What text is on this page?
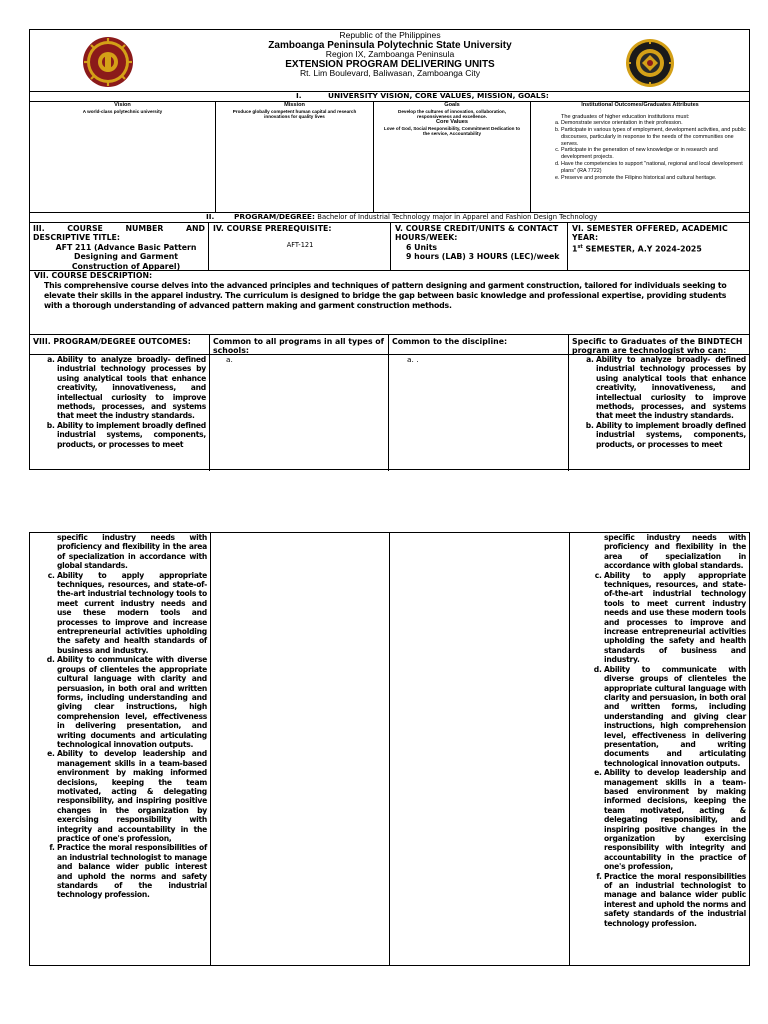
Republic of the Philippines
Zamboanga Peninsula Polytechnic State University
Region IX, Zamboanga Peninsula
EXTENSION PROGRAM DELIVERING UNITS
Rt. Lim Boulevard, Baliwasan, Zamboanga City
I.	UNIVERSITY VISION, CORE VALUES, MISSION, GOALS:
Vision
A world-class polytechnic university
Mission
Produce globally competent human capital and research innovations for quality lives
Goals
Develop the cultures of innovation, collaboration, responsiveness and excellence.
Core Values
Love of God, Social Responsibility, Commitment Dedication to the service, Accountability
Institutional Outcomes/Graduates Attributes
The graduates of higher education institutions must:
a. Demonstrate service orientation in their profession.
b. Participate in various types of employment, development activities, and public discourses, particularly in response to the needs of the communities one serves.
c. Participate in the generation of new knowledge or in research and development projects.
d. Have the competencies to support "national, regional and local development plans" (RA 7722)
e. Preserve and promote the Filipino historical and cultural heritage.
II.	PROGRAM/DEGREE: Bachelor of Industrial Technology major in Apparel and Fashion Design Technology
III. COURSE NUMBER AND DESCRIPTIVE TITLE:
AFT 211 (Advance Basic Pattern Designing and Garment Construction of Apparel)
IV. COURSE PREREQUISITE:
AFT-121
V. COURSE CREDIT/UNITS & CONTACT HOURS/WEEK:
6 Units
9 hours (LAB) 3 HOURS (LEC)/week
VI. SEMESTER OFFERED, ACADEMIC YEAR:
1st SEMESTER, A.Y 2024-2025
VII. COURSE DESCRIPTION:
This comprehensive course delves into the advanced principles and techniques of pattern designing and garment construction, tailored for individuals seeking to elevate their skills in the apparel industry. The curriculum is designed to bridge the gap between basic knowledge and professional expertise, providing students with a thorough understanding of advanced pattern making and garment construction methods.
VIII. PROGRAM/DEGREE OUTCOMES:
a. Ability to analyze broadly- defined industrial technology processes by using analytical tools that enhance creativity, innovativeness, and intellectual curiosity to improve methods, processes, and systems that meet the industry standards.
b. Ability to implement broadly defined industrial systems, components, products, or processes to meet
Common to all programs in all types of schools:
a.
Common to the discipline:
a. .
Specific to Graduates of the BINDTECH program are technologist who can:
a. Ability to analyze broadly- defined industrial technology processes by using analytical tools that enhance creativity, innovativeness, and intellectual curiosity to improve methods, processes, and systems that meet the industry standards.
b. Ability to implement broadly defined industrial systems, components, products, or processes to meet
specific industry needs with proficiency and flexibility in the area of specialization in accordance with global standards.
c. Ability to apply appropriate techniques, resources, and state-of-the-art industrial technology tools to meet current industry needs and use these modern tools and processes to improve and increase entrepreneurial activities upholding the safety and health standards of business and industry.
d. Ability to communicate with diverse groups of clienteles the appropriate cultural language with clarity and persuasion, in both oral and written forms, including understanding and giving clear instructions, high comprehension level, effectiveness in delivering presentation, and writing documents and articulating technological innovation outputs.
e. Ability to develop leadership and management skills in a team-based environment by making informed decisions, keeping the team motivated, acting & delegating responsibility, and inspiring positive changes in the organization by exercising responsibility with integrity and accountability in the practice of one's profession,
f. Practice the moral responsibilities of an industrial technologist to manage and balance wider public interest and uphold the norms and safety standards of the industrial technology profession.
specific industry needs with proficiency and flexibility in the area of specialization in accordance with global standards.
c. Ability to apply appropriate techniques, resources, and state-of-the-art industrial technology tools to meet current industry needs and use these modern tools and processes to improve and increase entrepreneurial activities upholding the safety and health standards of business and industry.
d. Ability to communicate with diverse groups of clienteles the appropriate cultural language with clarity and persuasion, in both oral and written forms, including understanding and giving clear instructions, high comprehension level, effectiveness in delivering presentation, and writing documents and articulating technological innovation outputs.
e. Ability to develop leadership and management skills in a team-based environment by making informed decisions, keeping the team motivated, acting & delegating responsibility, and inspiring positive changes in the organization by exercising responsibility with integrity and accountability in the practice of one's profession,
f. Practice the moral responsibilities of an industrial technologist to manage and balance wider public interest and uphold the norms and safety standards of the industrial technology profession.
